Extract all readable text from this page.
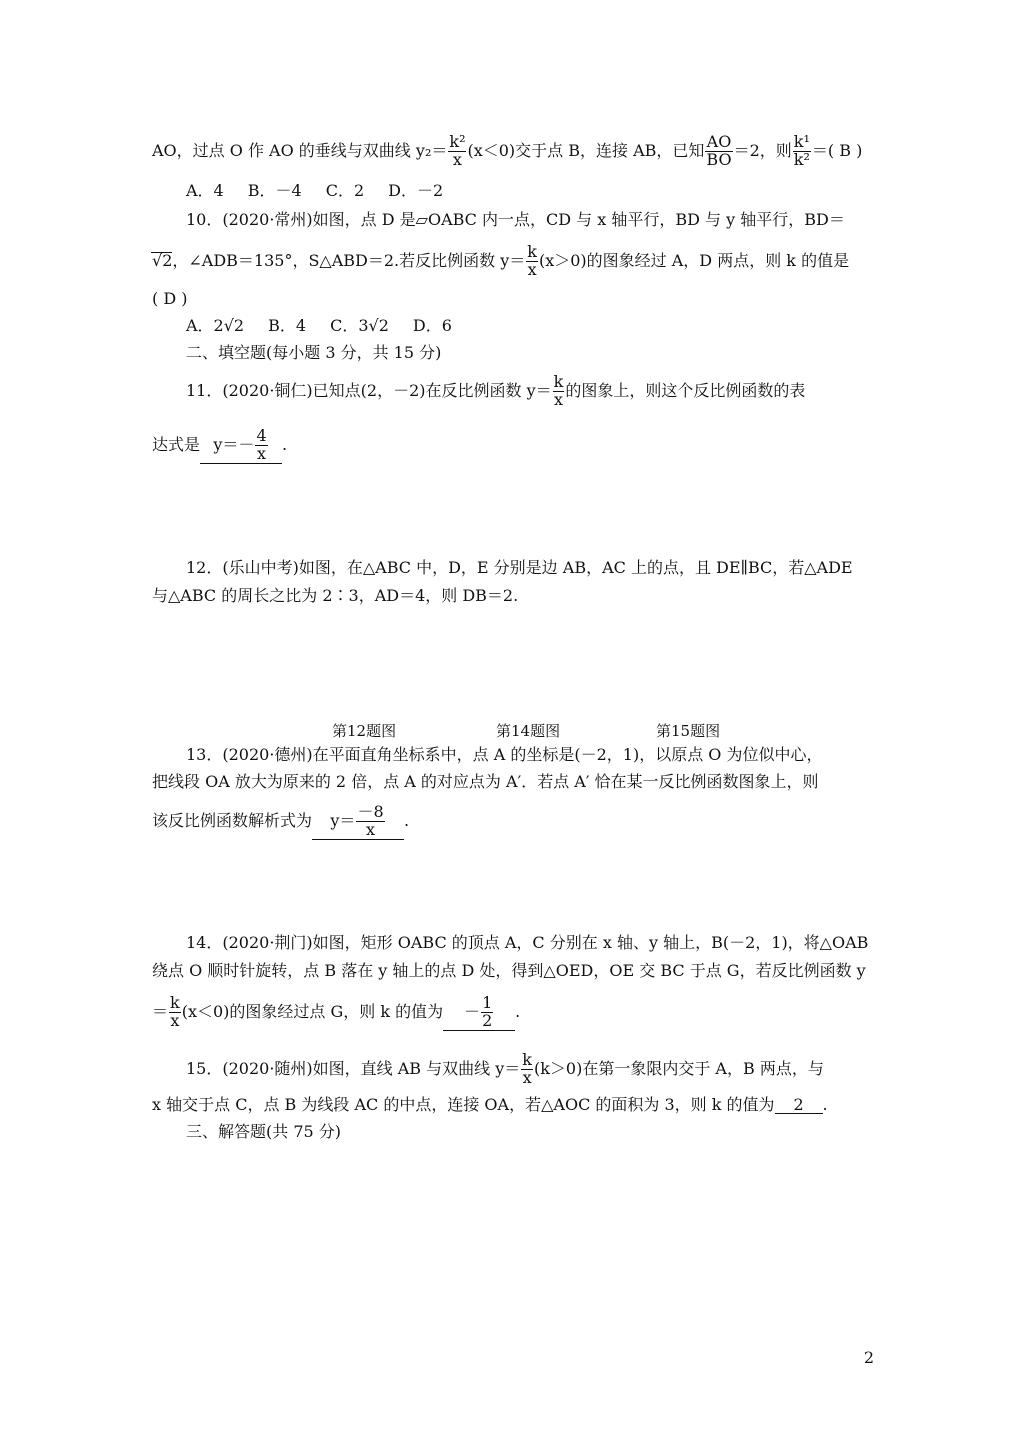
AO，过点 O 作 AO 的垂线与双曲线 $y_2= \frac{\text{k²}}{x} (x<0)$交于点 B，连接 AB，已知 $\frac{AO}{BO} =2$，则 $\frac{\text{k¹}}{\text{k²}}$ ＝( B )
A．4 B．－4 C．2 D．－2
10．(2020·常州)如图，点 D 是▱OABC 内一点，CD 与 x 轴平行，BD 与 y 轴平行，BD＝
√2，∠ADB＝135°，S△ABD＝2.若反比例函数 $y= \frac{k}{x} (x>0)$的图象经过 A，D 两点，则 k 的值是
( D )
A．2√2 B．4 C．3√2 D．6
二、填空题(每小题 3 分，共 15 分)
11．(2020·铜仁)已知点(2，－2)在反比例函数 $y= \frac{k}{x}$ 的图象上，则这个反比例函数的表
达式是 $y=- \frac{4}{x}$ .
12．(乐山中考)如图，在△ABC 中，D，E 分别是边 AB，AC 上的点，且 DE∥BC，若△ADE
与△ABC 的周长之比为 2∶3，AD＝4，则 DB＝2.
第12题图	第14题图	第15题图
13．(2020·德州)在平面直角坐标系中，点 A 的坐标是(－2，1)，以原点 O 为位似中心，
把线段 OA 放大为原来的 2 倍，点 A 的对应点为 A′．若点 A′ 恰在某一反比例函数图象上，则
该反比例函数解析式为 $y= \frac{-8}{x}$ .
14．(2020·荆门)如图，矩形 OABC 的顶点 A，C 分别在 x 轴、y 轴上，B(－2，1)，将△OAB
绕点 O 顺时针旋转，点 B 落在 y 轴上的点 D 处，得到△OED，OE 交 BC 于点 G，若反比例函数 y
＝ $\frac{k}{x} (x<0)$的图象经过点 G，则 k 的值为 － $\frac{1}{2}$ .
15．(2020·随州)如图，直线 AB 与双曲线 $y= \frac{k}{x} (k>0)$在第一象限内交于 A，B 两点，与
x 轴交于点 C，点 B 为线段 AC 的中点，连接 OA，若△AOC 的面积为 3，则 k 的值为 2 .
三、解答题(共 75 分)
2
